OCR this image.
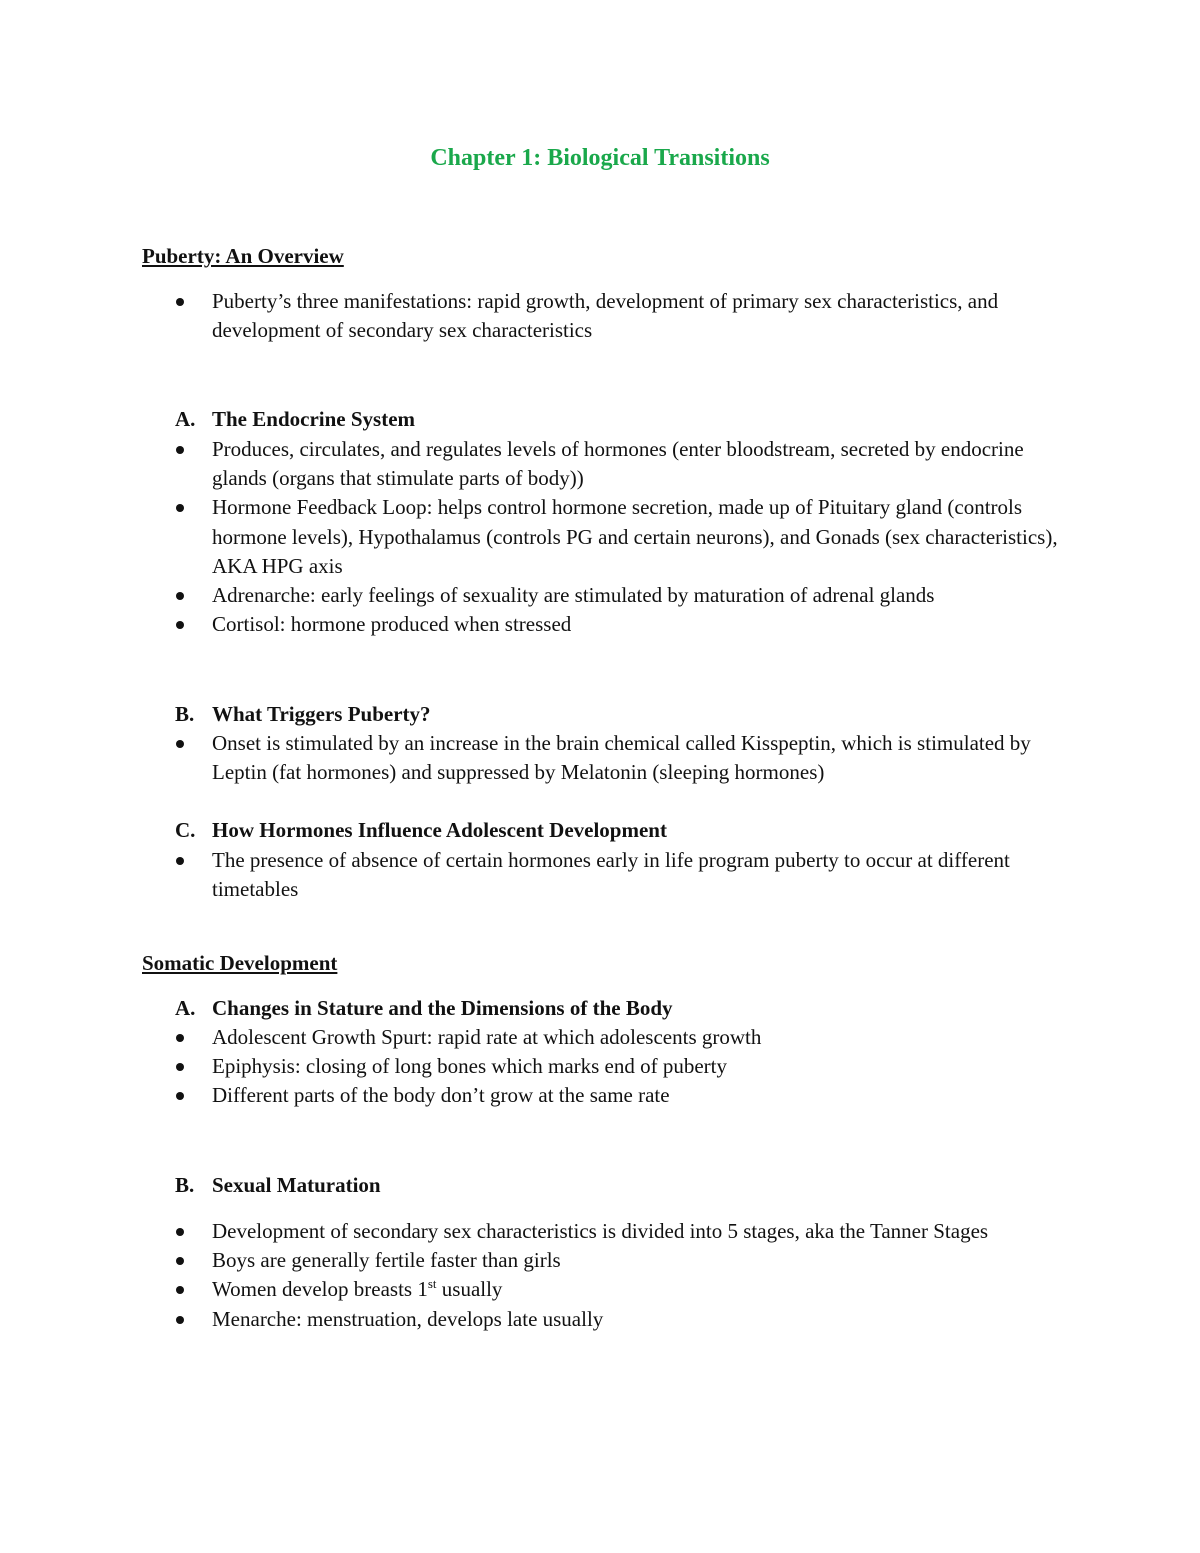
Chapter 1: Biological Transitions
Puberty: An Overview
Puberty’s three manifestations: rapid growth, development of primary sex characteristics, and development of secondary sex characteristics
A. The Endocrine System
Produces, circulates, and regulates levels of hormones (enter bloodstream, secreted by endocrine glands (organs that stimulate parts of body))
Hormone Feedback Loop: helps control hormone secretion, made up of Pituitary gland (controls hormone levels), Hypothalamus (controls PG and certain neurons), and Gonads (sex characteristics), AKA HPG axis
Adrenarche: early feelings of sexuality are stimulated by maturation of adrenal glands
Cortisol: hormone produced when stressed
B. What Triggers Puberty?
Onset is stimulated by an increase in the brain chemical called Kisspeptin, which is stimulated by Leptin (fat hormones) and suppressed by Melatonin (sleeping hormones)
C. How Hormones Influence Adolescent Development
The presence of absence of certain hormones early in life program puberty to occur at different timetables
Somatic Development
A. Changes in Stature and the Dimensions of the Body
Adolescent Growth Spurt: rapid rate at which adolescents growth
Epiphysis: closing of long bones which marks end of puberty
Different parts of the body don’t grow at the same rate
B. Sexual Maturation
Development of secondary sex characteristics is divided into 5 stages, aka the Tanner Stages
Boys are generally fertile faster than girls
Women develop breasts 1st usually
Menarche: menstruation, develops late usually
